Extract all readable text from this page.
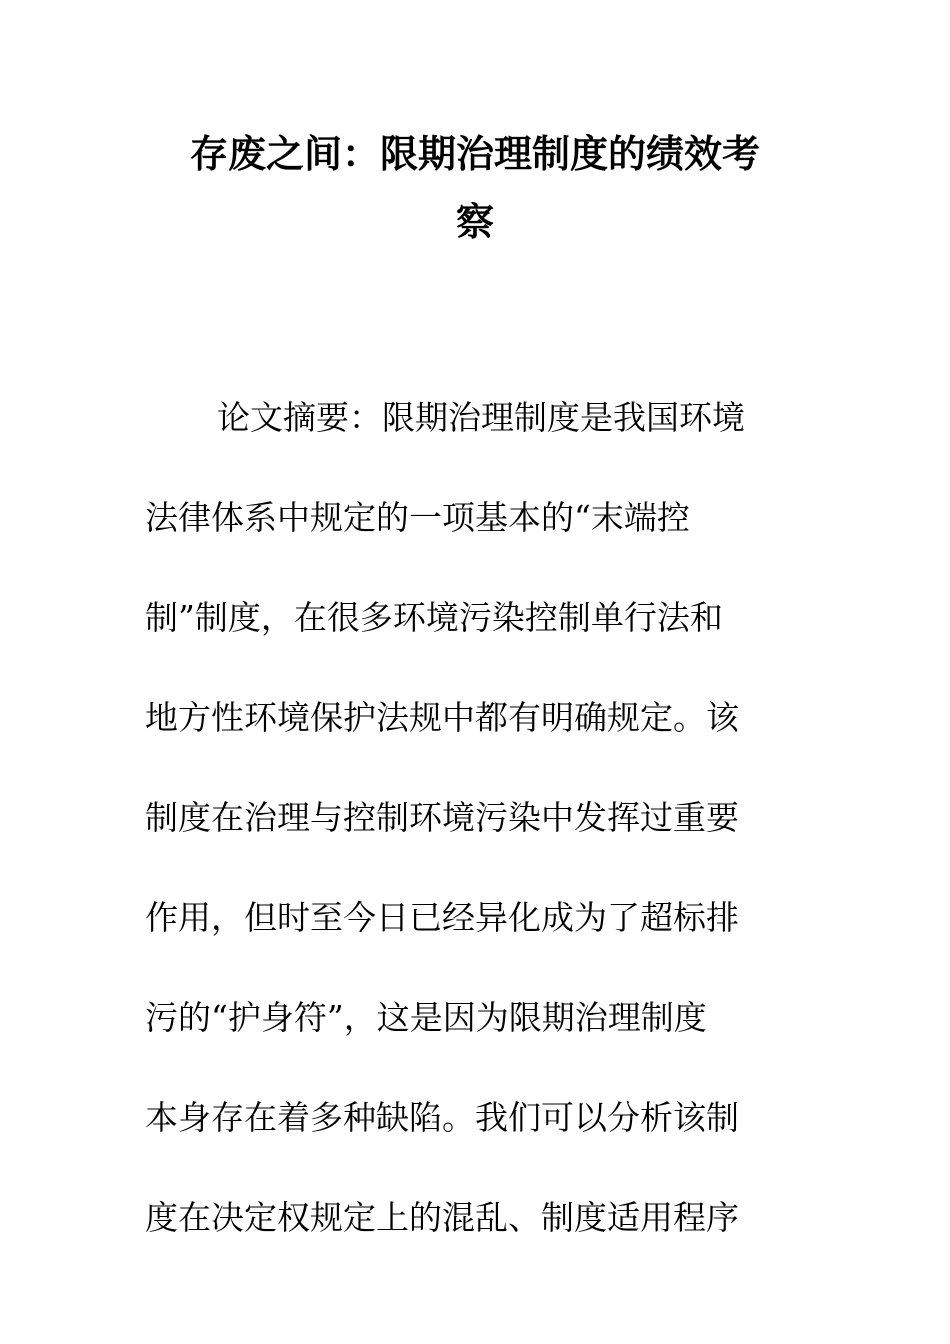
存废之间：限期治理制度的绩效考
察
论文摘要：限期治理制度是我国环境
法律体系中规定的一项基本的“末端控
制”制度，在很多环境污染控制单行法和
地方性环境保护法规中都有明确规定。该
制度在治理与控制环境污染中发挥过重要
作用，但时至今日已经异化成为了超标排
污的“护身符”，这是因为限期治理制度
本身存在着多种缺陷。我们可以分析该制
度在决定权规定上的混乱、制度适用程序
